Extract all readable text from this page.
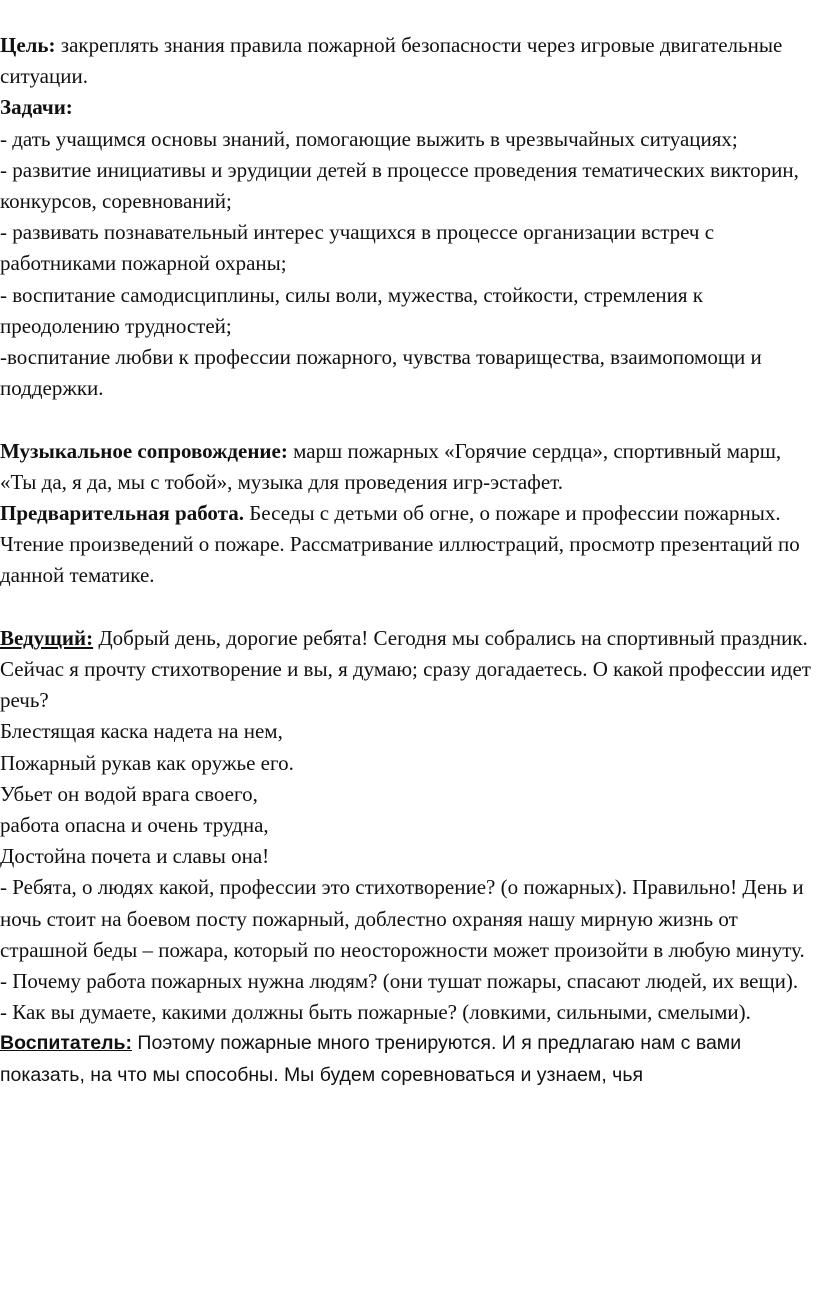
Цель: закреплять знания правила пожарной безопасности через игровые двигательные ситуации.

Задачи:

- дать учащимся основы знаний, помогающие выжить в чрезвычайных ситуациях;

- развитие инициативы и эрудиции детей в процессе проведения тематических викторин, конкурсов, соревнований;

- развивать познавательный интерес учащихся в процессе организации встреч с работниками пожарной охраны;

- воспитание самодисциплины, силы воли, мужества, стойкости, стремления к преодолению трудностей;

-воспитание любви к профессии пожарного, чувства товарищества, взаимопомощи и поддержки.

Музыкальное сопровождение: марш пожарных «Горячие сердца», спортивный марш, «Ты да, я да, мы с тобой», музыка для проведения игр-эстафет.

Предварительная работа. Беседы с детьми об огне, о пожаре и профессии пожарных. Чтение произведений о пожаре. Рассматривание иллюстраций, просмотр презентаций по данной тематике.

Ведущий: Добрый день, дорогие ребята! Сегодня мы собрались на спортивный праздник. Сейчас я прочту стихотворение и вы, я думаю; сразу догадаетесь. О какой профессии идет речь?

Блестящая каска надета на нем,

Пожарный рукав как оружье его.

Убьет он водой врага своего,

работа опасна и очень трудна,

Достойна почета и славы она!

- Ребята, о людях какой, профессии это стихотворение? (о пожарных). Правильно! День и ночь стоит на боевом посту пожарный, доблестно охраняя нашу мирную жизнь от страшной беды – пожара, который по неосторожности может произойти в любую минуту.

- Почему работа пожарных нужна людям? (они тушат пожары, спасают людей, их вещи).

- Как вы думаете, какими должны быть пожарные? (ловкими, сильными, смелыми).

Воспитатель: Поэтому пожарные много тренируются. И я предлагаю нам с вами показать, на что мы способны. Мы будем соревноваться и узнаем, чья
